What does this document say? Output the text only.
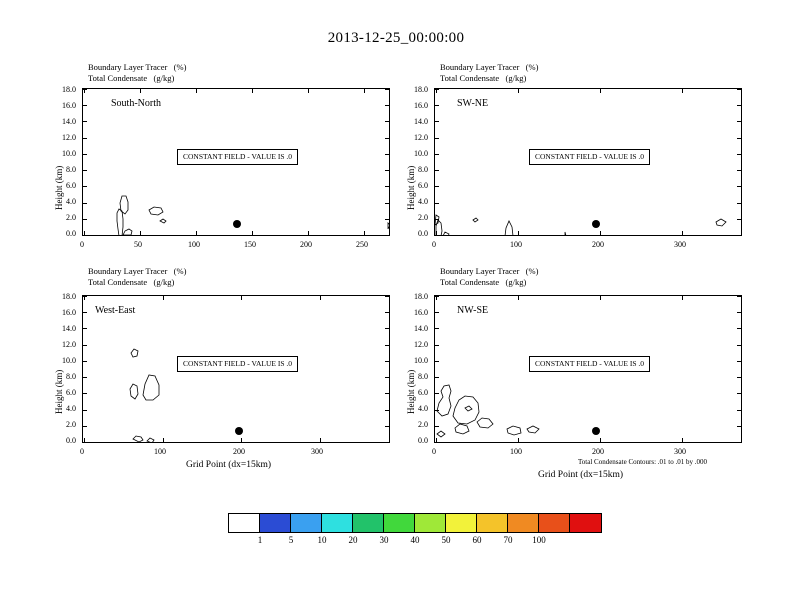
2013-12-25_00:00:00
Boundary Layer Tracer   (%)
Total Condensate   (g/kg)
Height (km)
18.0
16.0
14.0
12.0
10.0
8.0
6.0
4.0
2.0
0.0
South-North
CONSTANT FIELD - VALUE IS .0
0	50	100	150	200	250
Boundary Layer Tracer   (%)
Total Condensate   (g/kg)
Height (km)
18.0
16.0
14.0
12.0
10.0
8.0
6.0
4.0
2.0
0.0
SW-NE
CONSTANT FIELD - VALUE IS .0
0	100	200	300
Boundary Layer Tracer   (%)
Total Condensate   (g/kg)
Height (km)
18.0
16.0
14.0
12.0
10.0
8.0
6.0
4.0
2.0
0.0
West-East
CONSTANT FIELD - VALUE IS .0
0	100	200	300
Grid Point (dx=15km)
Boundary Layer Tracer   (%)
Total Condensate   (g/kg)
Height (km)
18.0
16.0
14.0
12.0
10.0
8.0
6.0
4.0
2.0
0.0
NW-SE
CONSTANT FIELD - VALUE IS .0
0	100	200	300
Total Condensate Contours: .01 to .01 by .000
Grid Point (dx=15km)
1	5	10	20	30	40	50	60	70	100
